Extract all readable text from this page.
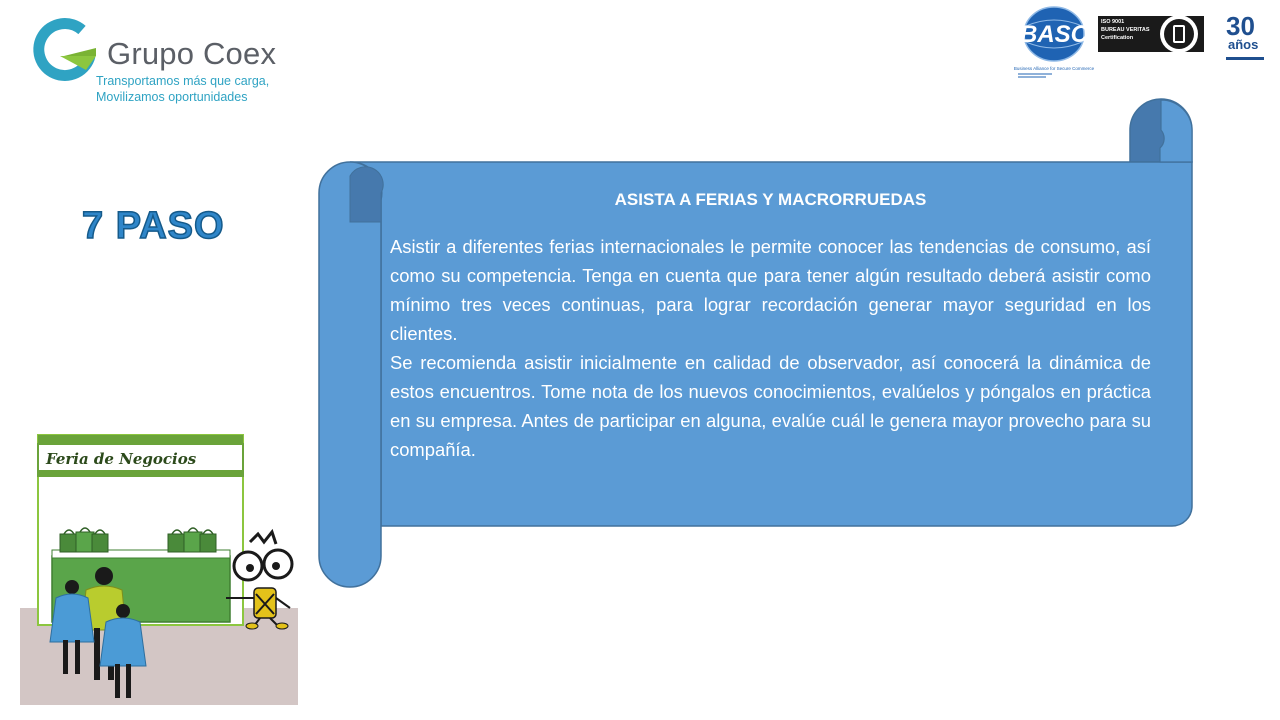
Grupo Coex
Transportamos más que carga,
Movilizamos oportunidades
BASC
Business Alliance for Secure Commerce
ISO 9001
BUREAU VERITAS
Certification	30
años
7 PASO
ASISTA A FERIAS Y MACRORRUEDAS

Asistir a diferentes ferias internacionales le permite conocer las tendencias de consumo, así como su competencia. Tenga en cuenta que para tener algún resultado deberá asistir como mínimo tres veces continuas, para lograr recordación generar mayor seguridad en los clientes.

Se recomienda asistir inicialmente en calidad de observador, así conocerá la dinámica de estos encuentros. Tome nota de los nuevos conocimientos, evalúelos y póngalos en práctica en su empresa. Antes de participar en alguna, evalúe cuál le genera mayor provecho para su compañía.

Feria de Negocios
